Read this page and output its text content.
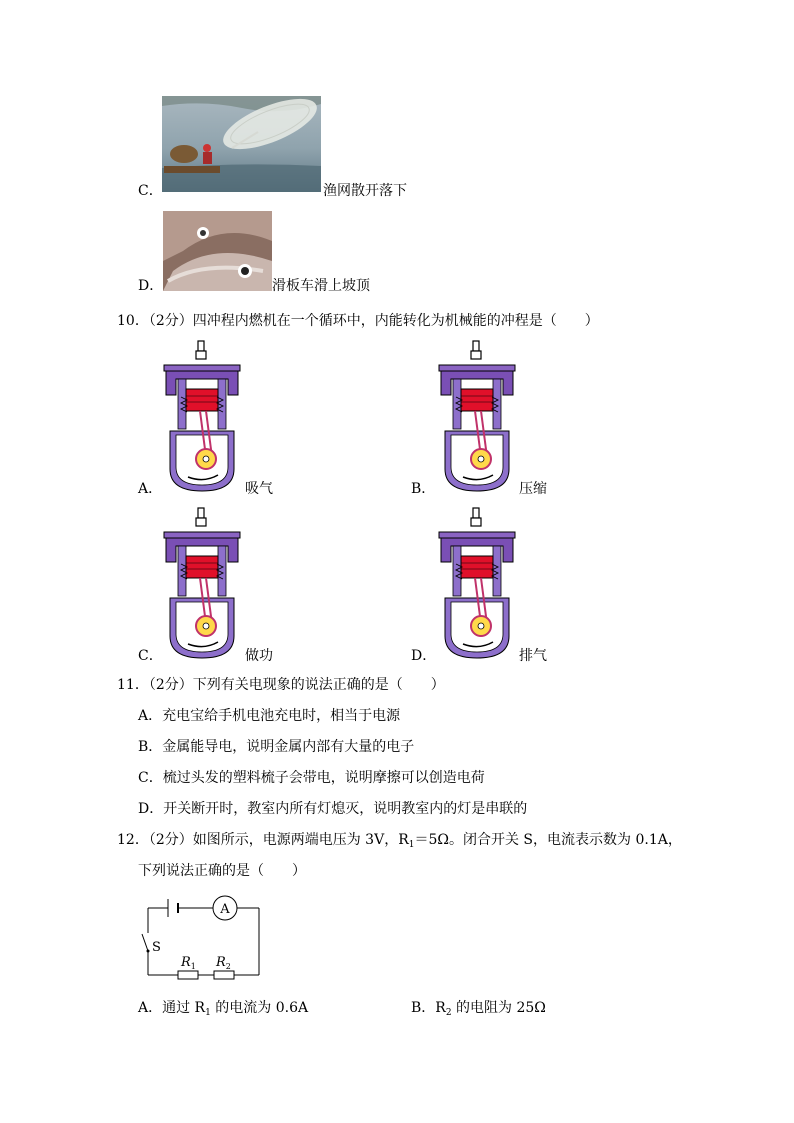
C．	渔网散开落下
D．	滑板车滑上坡顶
10．（2分）四冲程内燃机在一个循环中，内能转化为机械能的冲程是（　　）
A．	吸气	B．	压缩
C．	做功	D．	排气
11．（2分）下列有关电现象的说法正确的是（　　）
A．充电宝给手机电池充电时，相当于电源
B．金属能导电，说明金属内部有大量的电子
C．梳过头发的塑料梳子会带电，说明摩擦可以创造电荷
D．开关断开时，教室内所有灯熄灭，说明教室内的灯是串联的
12．（2分）如图所示，电源两端电压为 3V，$R_1=5\Omega$。闭合开关 S，电流表示数为 0.1A，
下列说法正确的是（　　）
A
S
$R_1$ $R_2$
A．通过 $R_1$ 的电流为 0.6A	B．$R_2$ 的电阻为 25Ω
